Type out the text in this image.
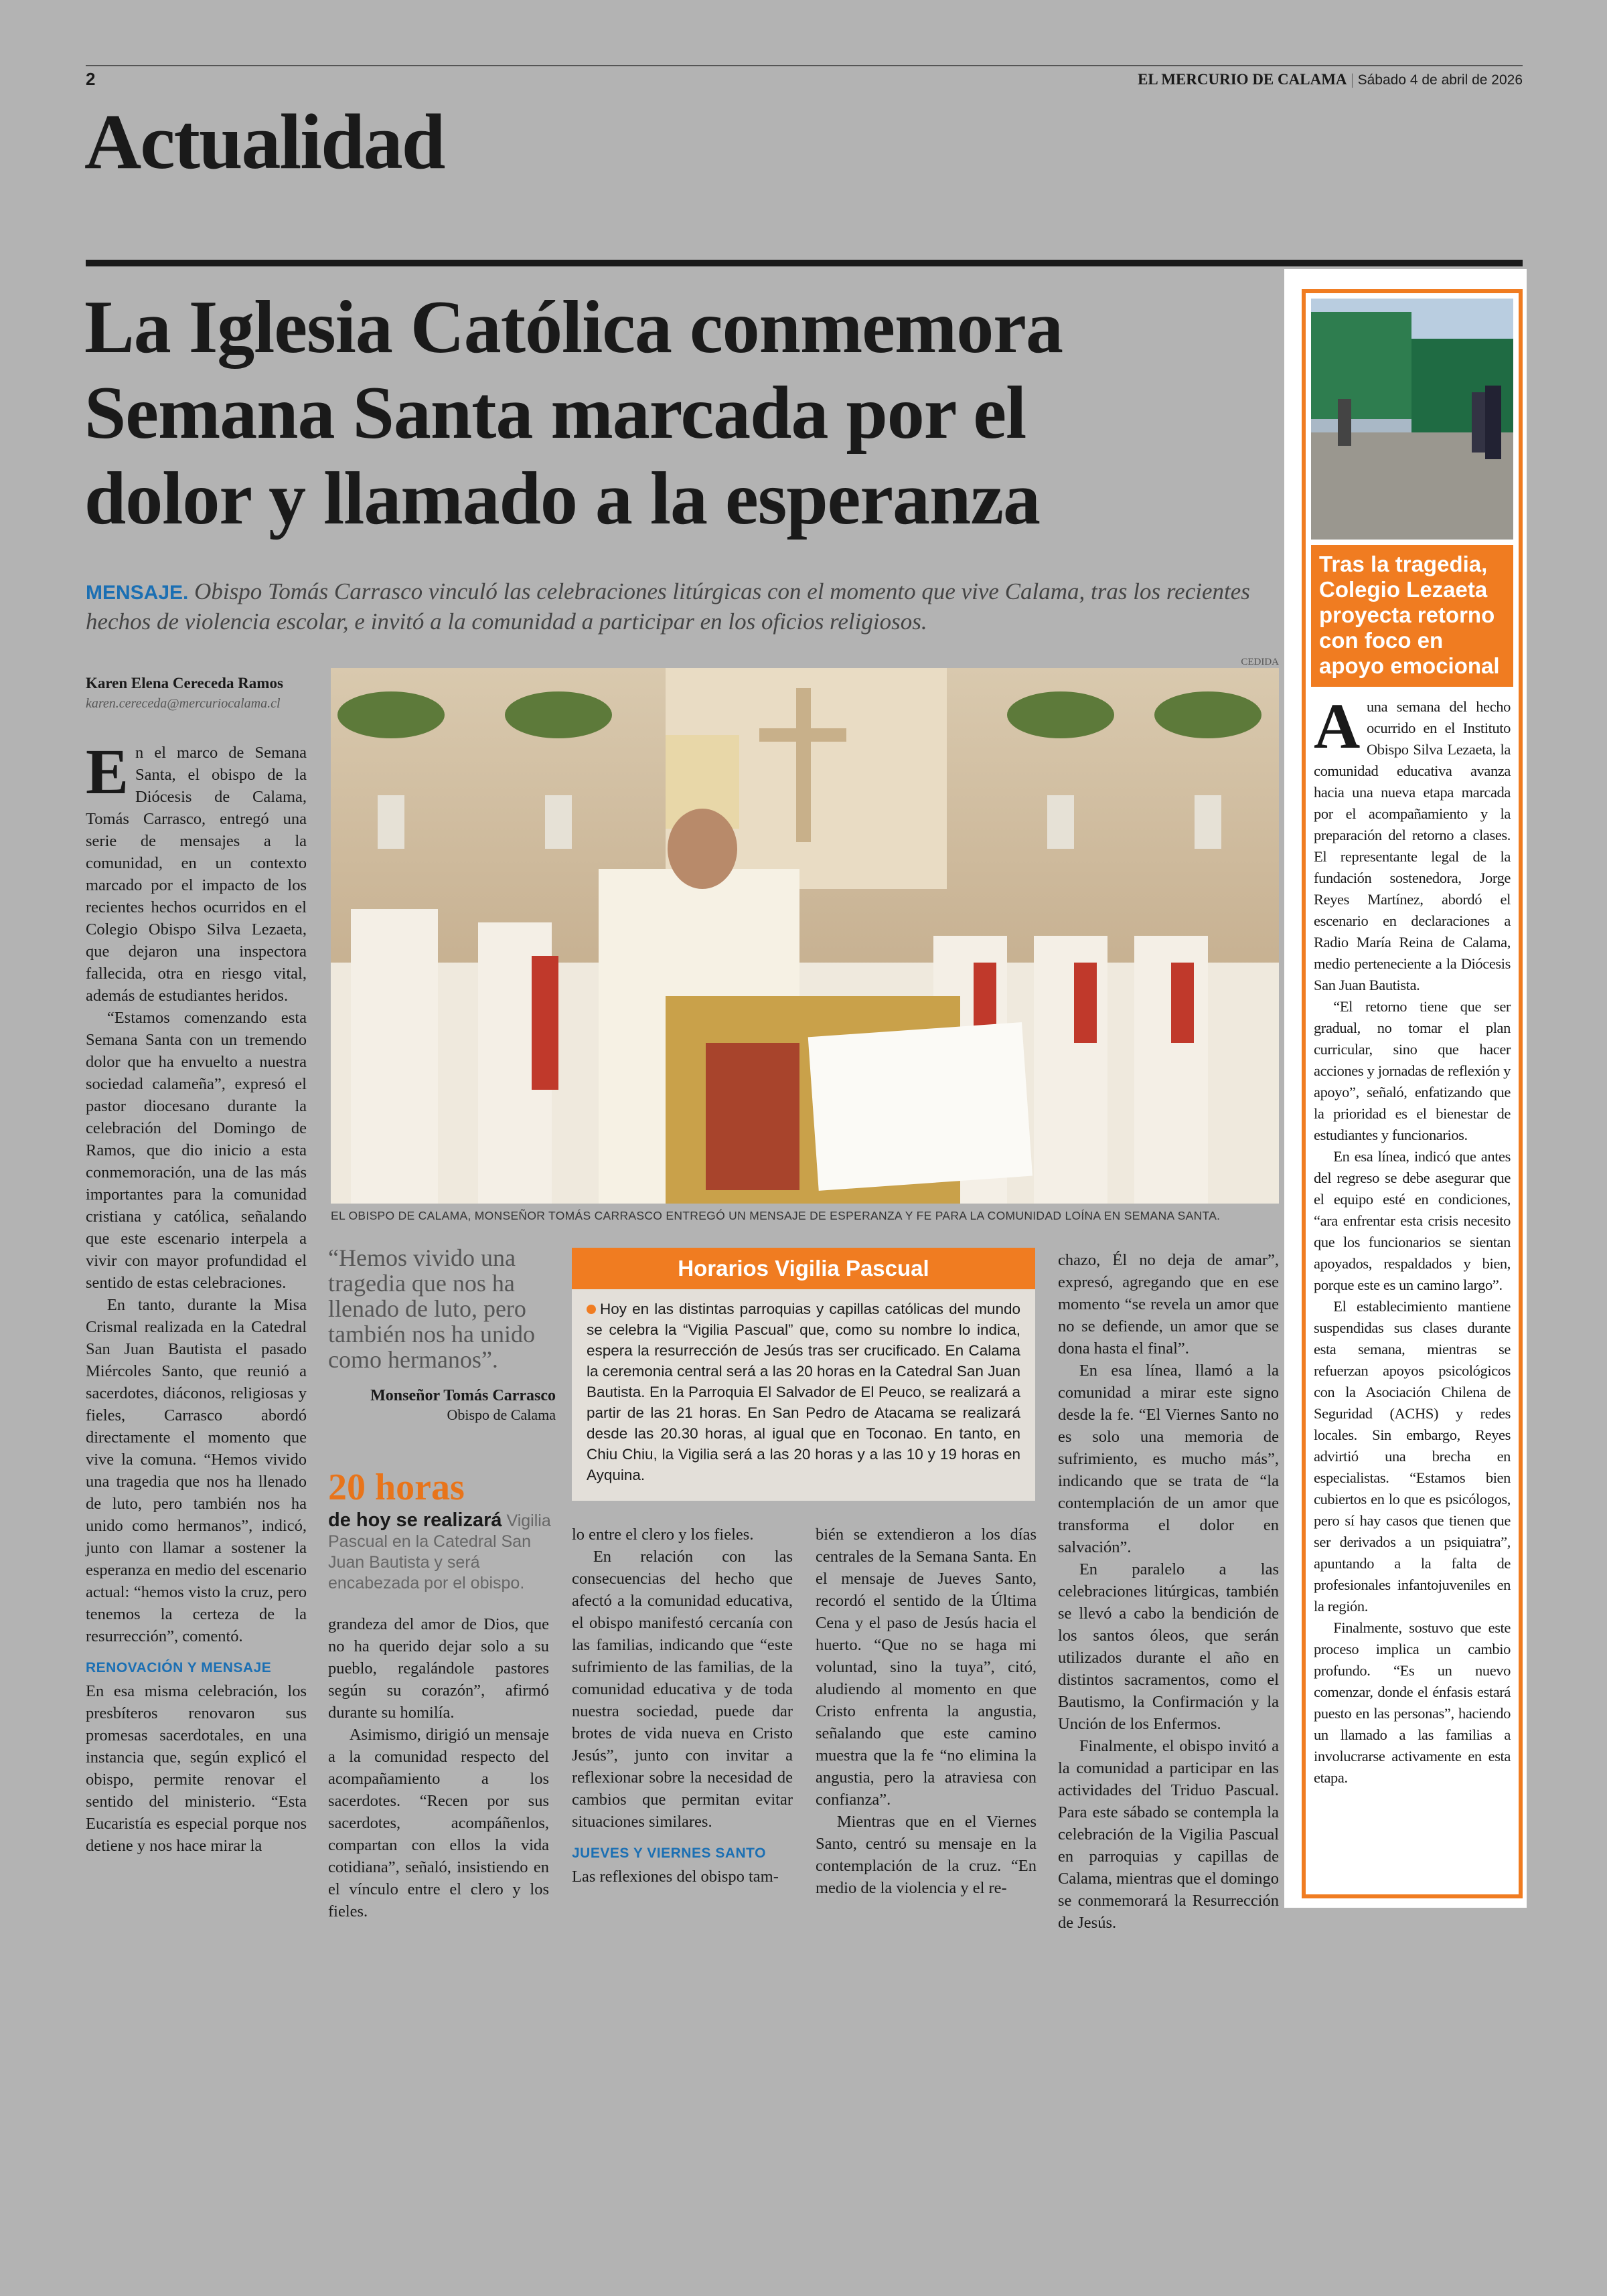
2	EL MERCURIO DE CALAMA | Sábado 4 de abril de 2026
Actualidad
La Iglesia Católica conmemora
Semana Santa marcada por el
dolor y llamado a la esperanza
MENSAJE. Obispo Tomás Carrasco vinculó las celebraciones litúrgicas con el momento que vive Calama, tras los recientes hechos de violencia escolar, e invitó a la comunidad a participar en los oficios religiosos.
Karen Elena Cereceda Ramos
karen.cereceda@mercuriocalama.cl
CEDIDA
EL OBISPO DE CALAMA, MONSEÑOR TOMÁS CARRASCO ENTREGÓ UN MENSAJE DE ESPERANZA Y FE PARA LA COMUNIDAD LOÍNA EN SEMANA SANTA.

En el marco de Semana Santa, el obispo de la Diócesis de Calama, Tomás Carrasco, entregó una serie de mensajes a la comunidad, en un contexto marcado por el impacto de los recientes hechos ocurridos en el Colegio Obispo Silva Lezaeta, que dejaron una inspectora fallecida, otra en riesgo vital, además de estudiantes heridos.

“Estamos comenzando esta Semana Santa con un tremendo dolor que ha envuelto a nuestra sociedad calameña”, expresó el pastor diocesano durante la celebración del Domingo de Ramos, que dio inicio a esta conmemoración, una de las más importantes para la comunidad cristiana y católica, señalando que este escenario interpela a vivir con mayor profundidad el sentido de estas celebraciones.

En tanto, durante la Misa Crismal realizada en la Catedral San Juan Bautista el pasado Miércoles Santo, que reunió a sacerdotes, diáconos, religiosas y fieles, Carrasco abordó directamente el momento que vive la comuna. “Hemos vivido una tragedia que nos ha llenado de luto, pero también nos ha unido como hermanos”, indicó, junto con llamar a sostener la esperanza en medio del escenario actual: “hemos visto la cruz, pero tenemos la certeza de la resurrección”, comentó.

RENOVACIÓN Y MENSAJE

En esa misma celebración, los presbíteros renovaron sus promesas sacerdotales, en una instancia que, según explicó el obispo, permite renovar el sentido del ministerio. “Esta Eucaristía es especial porque nos detiene y nos hace mirar la

“Hemos vivido una tragedia que nos ha llenado de luto, pero también nos ha unido como hermanos”.
Monseñor Tomás Carrasco
Obispo de Calama
20 horas
de hoy se realizará Vigilia Pascual en la Catedral San Juan Bautista y será encabezada por el obispo.

grandeza del amor de Dios, que no ha querido dejar solo a su pueblo, regalándole pastores según su corazón”, afirmó durante su homilía.

Asimismo, dirigió un mensaje a la comunidad respecto del acompañamiento a los sacerdotes. “Recen por sus sacerdotes, acompáñenlos, compartan con ellos la vida cotidiana”, señaló, insistiendo en el vínculo entre el clero y los fieles.

Horarios Vigilia Pascual
Hoy en las distintas parroquias y capillas católicas del mundo se celebra la “Vigilia Pascual” que, como su nombre lo indica, espera la resurrección de Jesús tras ser crucificado. En Calama la ceremonia central será a las 20 horas en la Catedral San Juan Bautista. En la Parroquia El Salvador de El Peuco, se realizará a partir de las 21 horas. En San Pedro de Atacama se realizará desde las 20.30 horas, al igual que en Toconao. En tanto, en Chiu Chiu, la Vigilia será a las 20 horas y a las 10 y 19 horas en Ayquina.

lo entre el clero y los fieles.

En relación con las consecuencias del hecho que afectó a la comunidad educativa, el obispo manifestó cercanía con las familias, indicando que “este sufrimiento de las familias, de la comunidad educativa y de toda nuestra sociedad, puede dar brotes de vida nueva en Cristo Jesús”, junto con invitar a reflexionar sobre la necesidad de cambios que permitan evitar situaciones similares.

JUEVES Y VIERNES SANTO

Las reflexiones del obispo tam-

bién se extendieron a los días centrales de la Semana Santa. En el mensaje de Jueves Santo, recordó el sentido de la Última Cena y el paso de Jesús hacia el huerto. “Que no se haga mi voluntad, sino la tuya”, citó, aludiendo al momento en que Cristo enfrenta la angustia, señalando que este camino muestra que la fe “no elimina la angustia, pero la atraviesa con confianza”.

Mientras que en el Viernes Santo, centró su mensaje en la contemplación de la cruz. “En medio de la violencia y el re-

chazo, Él no deja de amar”, expresó, agregando que en ese momento “se revela un amor que no se defiende, un amor que se dona hasta el final”.

En esa línea, llamó a la comunidad a mirar este signo desde la fe. “El Viernes Santo no es solo una memoria de sufrimiento, es mucho más”, indicando que se trata de “la contemplación de un amor que transforma el dolor en salvación”.

En paralelo a las celebraciones litúrgicas, también se llevó a cabo la bendición de los santos óleos, que serán utilizados durante el año en distintos sacramentos, como el Bautismo, la Confirmación y la Unción de los Enfermos.

Finalmente, el obispo invitó a la comunidad a participar en las actividades del Triduo Pascual. Para este sábado se contempla la celebración de la Vigilia Pascual en parroquias y capillas de Calama, mientras que el domingo se conmemorará la Resurrección de Jesús.

Tras la tragedia, Colegio Lezaeta proyecta retorno con foco en apoyo emocional

Auna semana del hecho ocurrido en el Instituto Obispo Silva Lezaeta, la comunidad educativa avanza hacia una nueva etapa marcada por el acompañamiento y la preparación del retorno a clases. El representante legal de la fundación sostenedora, Jorge Reyes Martínez, abordó el escenario en declaraciones a Radio María Reina de Calama, medio perteneciente a la Diócesis San Juan Bautista.

“El retorno tiene que ser gradual, no tomar el plan curricular, sino que hacer acciones y jornadas de reflexión y apoyo”, señaló, enfatizando que la prioridad es el bienestar de estudiantes y funcionarios.

En esa línea, indicó que antes del regreso se debe asegurar que el equipo esté en condiciones, “ara enfrentar esta crisis necesito que los funcionarios se sientan apoyados, respaldados y bien, porque este es un camino largo”.

El establecimiento mantiene suspendidas sus clases durante esta semana, mientras se refuerzan apoyos psicológicos con la Asociación Chilena de Seguridad (ACHS) y redes locales. Sin embargo, Reyes advirtió una brecha en especialistas. “Estamos bien cubiertos en lo que es psicólogos, pero sí hay casos que tienen que ser derivados a un psiquiatra”, apuntando a la falta de profesionales infantojuveniles en la región.

Finalmente, sostuvo que este proceso implica un cambio profundo. “Es un nuevo comenzar, donde el énfasis estará puesto en las personas”, haciendo un llamado a las familias a involucrarse activamente en esta etapa.
